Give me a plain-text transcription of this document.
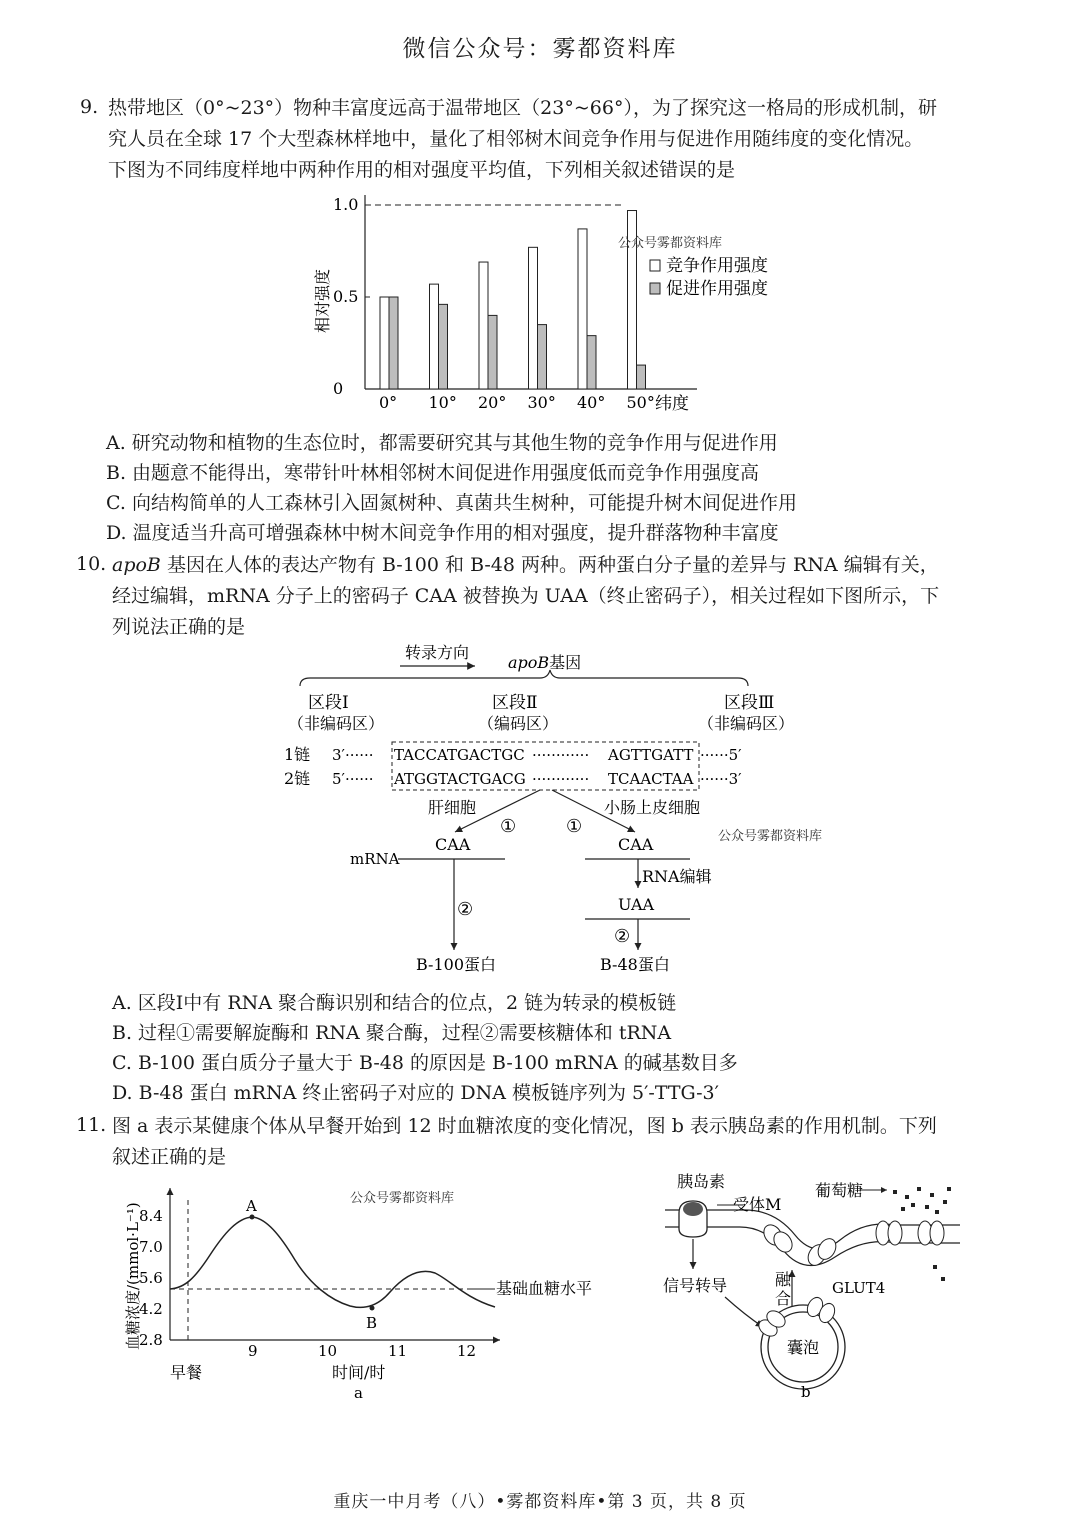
微信公众号：雾都资料库
9. 热带地区（0°~23°）物种丰富度远高于温带地区（23°~66°），为了探究这一格局的形成机制，研
究人员在全球 17 个大型森林样地中，量化了相邻树木间竞争作用与促进作用随纬度的变化情况。
下图为不同纬度样地中两种作用的相对强度平均值，下列相关叙述错误的是
0
0.5
1.0
0° 10° 20° 30° 40° 50°
公众号雾都资料库
竞争作用强度
促进作用强度
相对强度
纬度
A. 研究动物和植物的生态位时，都需要研究其与其他生物的竞争作用与促进作用
B. 由题意不能得出，寒带针叶林相邻树木间促进作用强度低而竞争作用强度高
C. 向结构简单的人工森林引入固氮树种、真菌共生树种，可能提升树木间促进作用
D. 温度适当升高可增强森林中树木间竞争作用的相对强度，提升群落物种丰富度
10. apoB 基因在人体的表达产物有 B-100 和 B-48 两种。两种蛋白分子量的差异与 RNA 编辑有关，
经过编辑，mRNA 分子上的密码子 CAA 被替换为 UAA（终止密码子），相关过程如下图所示，下
列说法正确的是
转录方向
apoB基因
区段Ⅰ
（非编码区）
区段Ⅱ
（编码区）
区段Ⅲ
（非编码区）
1链 3′······ TACCATGACTGC ············ AGTTGATT ······5′
2链 5′······ ATGGTACTGACG ············ TCAACTAA ······3′
肝细胞	小肠上皮细胞
①	①
mRNA
CAA
②
B-100蛋白
CAA
RNA编辑
UAA
②
B-48蛋白
公众号雾都资料库
A. 区段Ⅰ中有 RNA 聚合酶识别和结合的位点，2 链为转录的模板链
B. 过程①需要解旋酶和 RNA 聚合酶，过程②需要核糖体和 tRNA
C. B-100 蛋白质分子量大于 B-48 的原因是 B-100 mRNA 的碱基数目多
D. B-48 蛋白 mRNA 终止密码子对应的 DNA 模板链序列为 5′-TTG-3′
11. 图 a 表示某健康个体从早餐开始到 12 时血糖浓度的变化情况，图 b 表示胰岛素的作用机制。下列
叙述正确的是
血糖浓度/(mmol·L⁻¹)
2.8
4.2
5.6
7.0
8.4
A
B
9	10	11	12
早餐	时间/时
a
基础血糖水平
公众号雾都资料库
胰岛素
受体M
葡萄糖
信号转导	融
合
GLUT4
囊泡
b
重庆一中月考（八）•雾都资料库•第 3 页，共 8 页
